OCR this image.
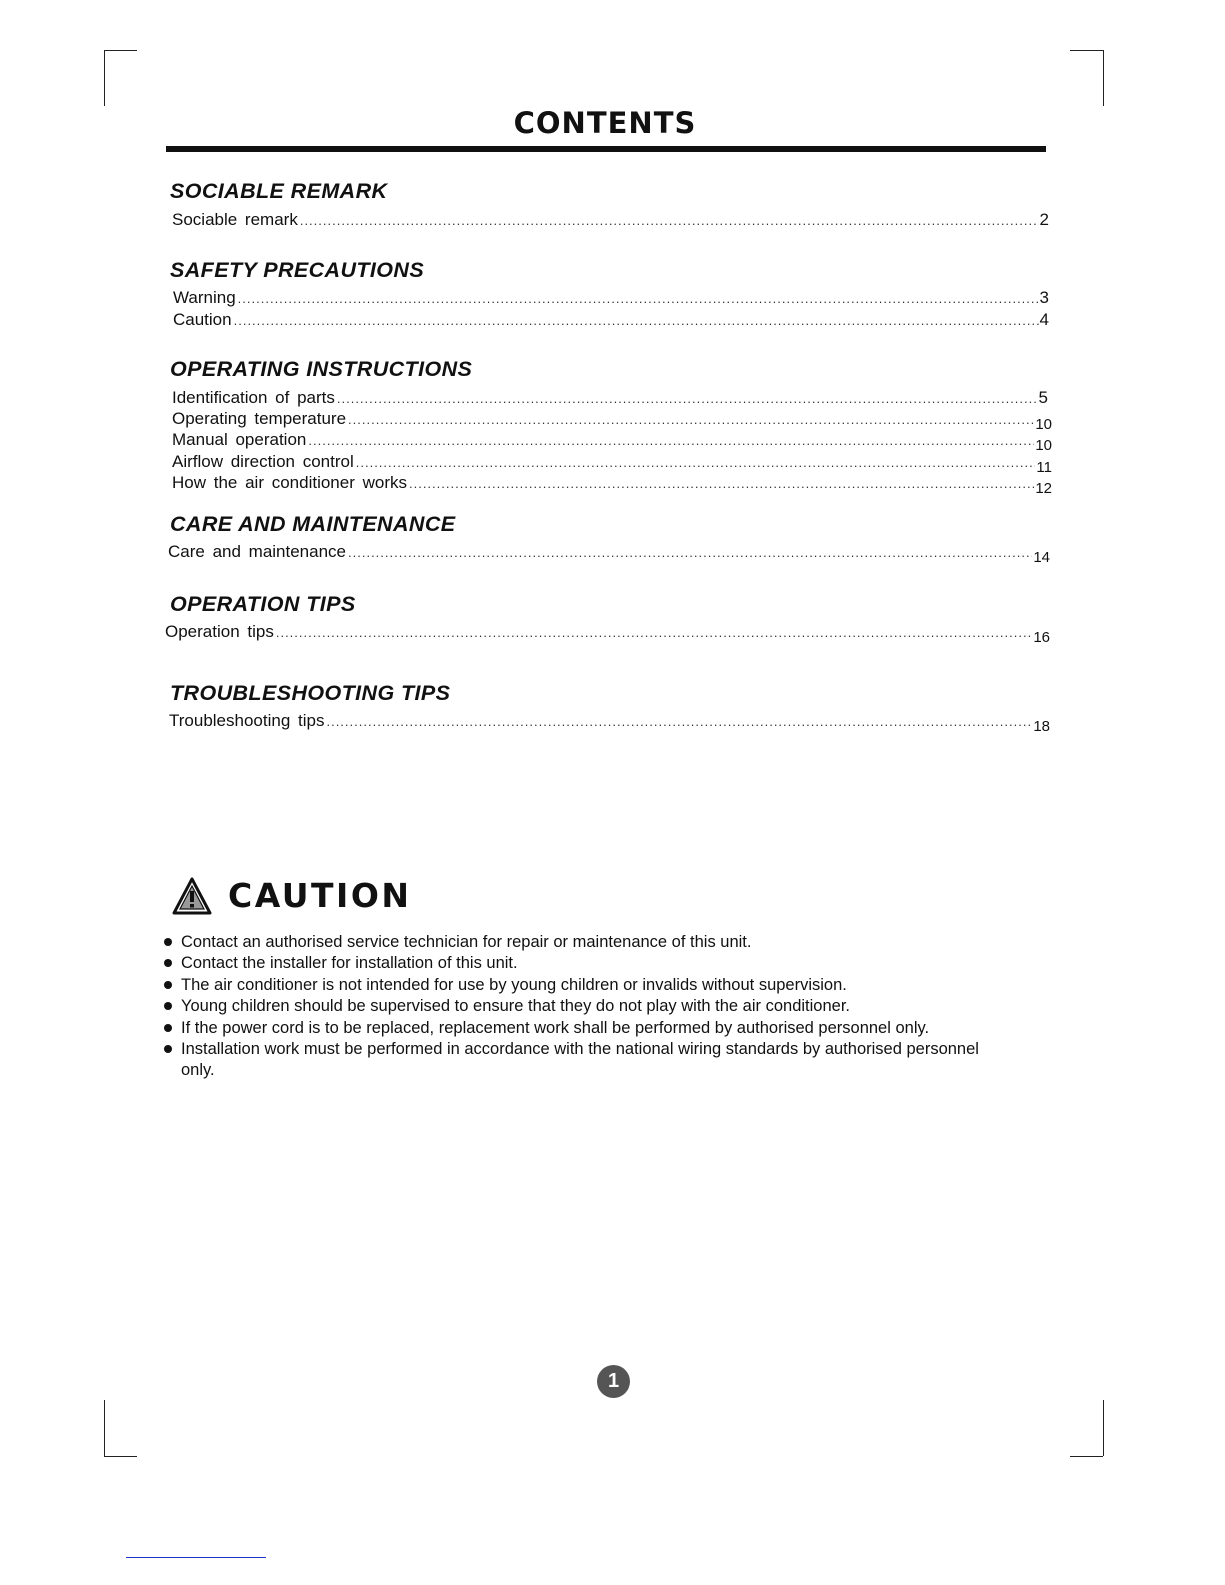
CONTENTS
SOCIABLE REMARK
Sociable remark .....	2
SAFETY PRECAUTIONS
Warning .....	3
Caution .....	4
OPERATING INSTRUCTIONS
Identification of parts .....	5
Operating temperature .....	10
Manual operation .....	10
Airflow direction control .....	11
How the air conditioner works .....	12
CARE AND MAINTENANCE
Care and maintenance .....	14
OPERATION TIPS
Operation tips .....	16
TROUBLESHOOTING TIPS
Troubleshooting tips .....	18
CAUTION
Contact an authorised service technician for repair or maintenance of this unit.
Contact the installer for installation of this unit.
The air conditioner is not intended for use by young children or invalids without supervision.
Young children should be supervised to ensure that they do not play with the air conditioner.
If the power cord is to be replaced, replacement work shall be performed by authorised personnel only.
Installation work must be performed in accordance with the national wiring standards by authorised personnel only.
1
